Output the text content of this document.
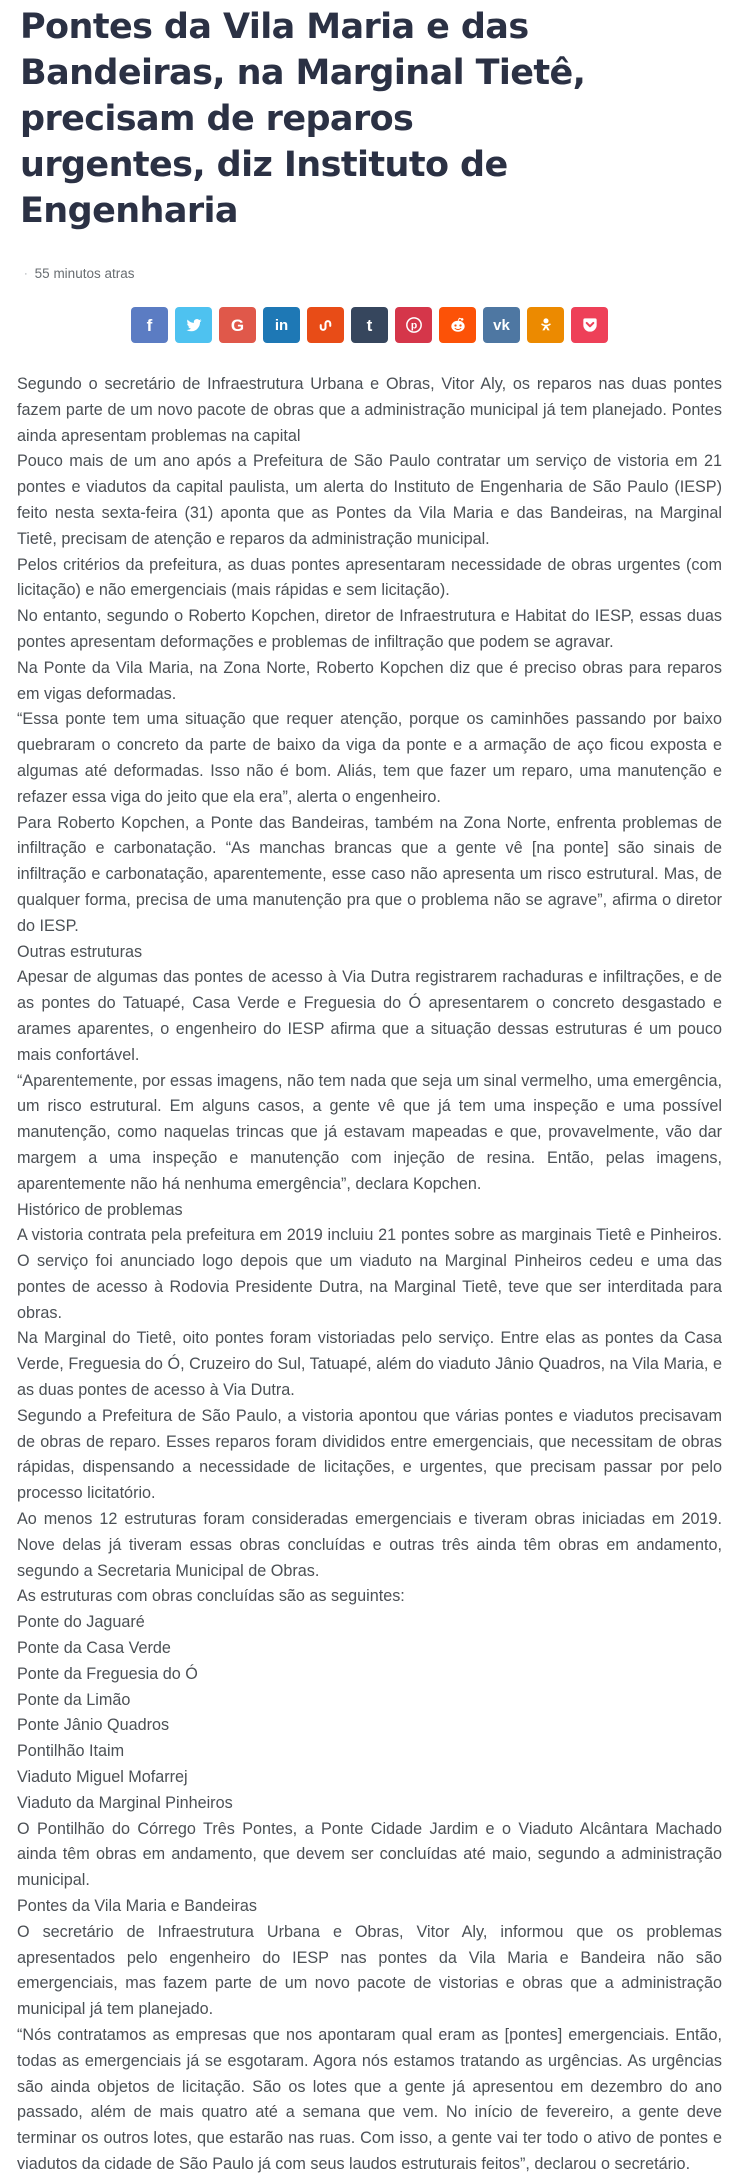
Pontes da Vila Maria e das Bandeiras, na Marginal Tietê, precisam de reparos urgentes, diz Instituto de Engenharia
· 55 minutos atras
f	G in	t	p	vk

Segundo o secretário de Infraestrutura Urbana e Obras, Vitor Aly, os reparos nas duas pontes fazem parte de um novo pacote de obras que a administração municipal já tem planejado. Pontes ainda apresentam problemas na capital

Pouco mais de um ano após a Prefeitura de São Paulo contratar um serviço de vistoria em 21 pontes e viadutos da capital paulista, um alerta do Instituto de Engenharia de São Paulo (IESP) feito nesta sexta-feira (31) aponta que as Pontes da Vila Maria e das Bandeiras, na Marginal Tietê, precisam de atenção e reparos da administração municipal.

Pelos critérios da prefeitura, as duas pontes apresentaram necessidade de obras urgentes (com licitação) e não emergenciais (mais rápidas e sem licitação).

No entanto, segundo o Roberto Kopchen, diretor de Infraestrutura e Habitat do IESP, essas duas pontes apresentam deformações e problemas de infiltração que podem se agravar.

Na Ponte da Vila Maria, na Zona Norte, Roberto Kopchen diz que é preciso obras para reparos em vigas deformadas.

“Essa ponte tem uma situação que requer atenção, porque os caminhões passando por baixo quebraram o concreto da parte de baixo da viga da ponte e a armação de aço ficou exposta e algumas até deformadas. Isso não é bom. Aliás, tem que fazer um reparo, uma manutenção e refazer essa viga do jeito que ela era”, alerta o engenheiro.

Para Roberto Kopchen, a Ponte das Bandeiras, também na Zona Norte, enfrenta problemas de infiltração e carbonatação. “As manchas brancas que a gente vê [na ponte] são sinais de infiltração e carbonatação, aparentemente, esse caso não apresenta um risco estrutural. Mas, de qualquer forma, precisa de uma manutenção pra que o problema não se agrave”, afirma o diretor do IESP.

Outras estruturas

Apesar de algumas das pontes de acesso à Via Dutra registrarem rachaduras e infiltrações, e de as pontes do Tatuapé, Casa Verde e Freguesia do Ó apresentarem o concreto desgastado e arames aparentes, o engenheiro do IESP afirma que a situação dessas estruturas é um pouco mais confortável.

“Aparentemente, por essas imagens, não tem nada que seja um sinal vermelho, uma emergência, um risco estrutural. Em alguns casos, a gente vê que já tem uma inspeção e uma possível manutenção, como naquelas trincas que já estavam mapeadas e que, provavelmente, vão dar margem a uma inspeção e manutenção com injeção de resina. Então, pelas imagens, aparentemente não há nenhuma emergência”, declara Kopchen.

Histórico de problemas

A vistoria contrata pela prefeitura em 2019 incluiu 21 pontes sobre as marginais Tietê e Pinheiros. O serviço foi anunciado logo depois que um viaduto na Marginal Pinheiros cedeu e uma das pontes de acesso à Rodovia Presidente Dutra, na Marginal Tietê, teve que ser interditada para obras.

Na Marginal do Tietê, oito pontes foram vistoriadas pelo serviço. Entre elas as pontes da Casa Verde, Freguesia do Ó, Cruzeiro do Sul, Tatuapé, além do viaduto Jânio Quadros, na Vila Maria, e as duas pontes de acesso à Via Dutra.

Segundo a Prefeitura de São Paulo, a vistoria apontou que várias pontes e viadutos precisavam de obras de reparo. Esses reparos foram divididos entre emergenciais, que necessitam de obras rápidas, dispensando a necessidade de licitações, e urgentes, que precisam passar por pelo processo licitatório.

Ao menos 12 estruturas foram consideradas emergenciais e tiveram obras iniciadas em 2019. Nove delas já tiveram essas obras concluídas e outras três ainda têm obras em andamento, segundo a Secretaria Municipal de Obras.

As estruturas com obras concluídas são as seguintes:

Ponte do Jaguaré

Ponte da Casa Verde

Ponte da Freguesia do Ó

Ponte da Limão

Ponte Jânio Quadros

Pontilhão Itaim

Viaduto Miguel Mofarrej

Viaduto da Marginal Pinheiros

O Pontilhão do Córrego Três Pontes, a Ponte Cidade Jardim e o Viaduto Alcântara Machado ainda têm obras em andamento, que devem ser concluídas até maio, segundo a administração municipal.

Pontes da Vila Maria e Bandeiras

O secretário de Infraestrutura Urbana e Obras, Vitor Aly, informou que os problemas apresentados pelo engenheiro do IESP nas pontes da Vila Maria e Bandeira não são emergenciais, mas fazem parte de um novo pacote de vistorias e obras que a administração municipal já tem planejado.

“Nós contratamos as empresas que nos apontaram qual eram as [pontes] emergenciais. Então, todas as emergenciais já se esgotaram. Agora nós estamos tratando as urgências. As urgências são ainda objetos de licitação. São os lotes que a gente já apresentou em dezembro do ano passado, além de mais quatro até a semana que vem. No início de fevereiro, a gente deve terminar os outros lotes, que estarão nas ruas. Com isso, a gente vai ter todo o ativo de pontes e viadutos da cidade de São Paulo já com seus laudos estruturais feitos”, declarou o secretário.
